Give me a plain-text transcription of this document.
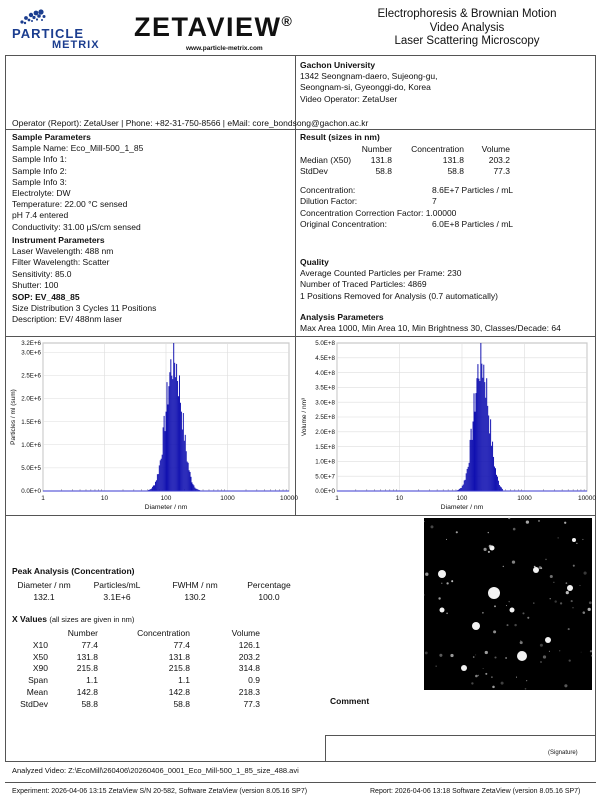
PARTICLE
METRIX
ZETAVIEW®
www.particle-metrix.com
Electrophoresis & Brownian Motion
Video Analysis
Laser Scattering Microscopy
Gachon University
1342 Seongnam-daero, Sujeong-gu,
Seongnam-si, Gyeonggi-do, Korea
Video Operator: ZetaUser
Operator (Report): ZetaUser | Phone: +82-31-750-8566 | eMail: core_bondsong@gachon.ac.kr
Sample Parameters
Sample Name: Eco_Mill-500_1_85
Sample Info 1:
Sample Info 2:
Sample Info 3:
Electrolyte: DW
Temperature: 22.00 °C sensed
pH 7.4 entered
Conductivity: 31.00 µS/cm sensed
Instrument Parameters
Laser Wavelength: 488 nm
Filter Wavelength: Scatter
Sensitivity: 85.0
Shutter: 100
SOP: EV_488_85
Size Distribution 3 Cycles 11 Positions
Description: EV/ 488nm laser
Result (sizes in nm)
	Number	Concentration	Volume
Median (X50)	131.8	131.8	203.2
StdDev	58.8	58.8	77.3
Concentration:	8.6E+7 Particles / mL
Dilution Factor:	7
Concentration Correction Factor: 1.00000
Original Concentration:	6.0E+8 Particles / mL
Quality
Average Counted Particles per Frame: 230
Number of Traced Particles: 4869
1 Positions Removed for Analysis (0.7 automatically)
Analysis Parameters
Max Area 1000, Min Area 10, Min Brightness 30, Classes/Decade: 64
1	10	100	1000	10000
0.0E+0
5.0E+5
1.0E+6
1.5E+6
2.0E+6
2.5E+6
3.0E+6
3.2E+6
Diameter / nm
Particles / ml (sum)
1	10	100	1000	10000
0.0E+0
5.0E+7
1.0E+8
1.5E+8
2.0E+8
2.5E+8
3.0E+8
3.5E+8
4.0E+8
4.5E+8
5.0E+8
Diameter / nm
Volume / nm³
Peak Analysis (Concentration)
Diameter / nm	Particles/mL	FWHM / nm	Percentage
132.1	3.1E+6	130.2	100.0
X Values (all sizes are given in nm)
	Number	Concentration	Volume
X10	77.4	77.4	126.1
X50	131.8	131.8	203.2
X90	215.8	215.8	314.8
Span	1.1	1.1	0.9
Mean	142.8	142.8	218.3
StdDev	58.8	58.8	77.3	Comment
(Signature)
Analyzed Video: Z:\EcoMill\260406\20260406_0001_Eco_Mill-500_1_85_size_488.avi
Experiment: 2026-04-06 13:15 ZetaView S/N 20-582, Software ZetaView (version 8.05.16 SP7)	Report: 2026-04-06 13:18 Software ZetaView (version 8.05.16 SP7)
